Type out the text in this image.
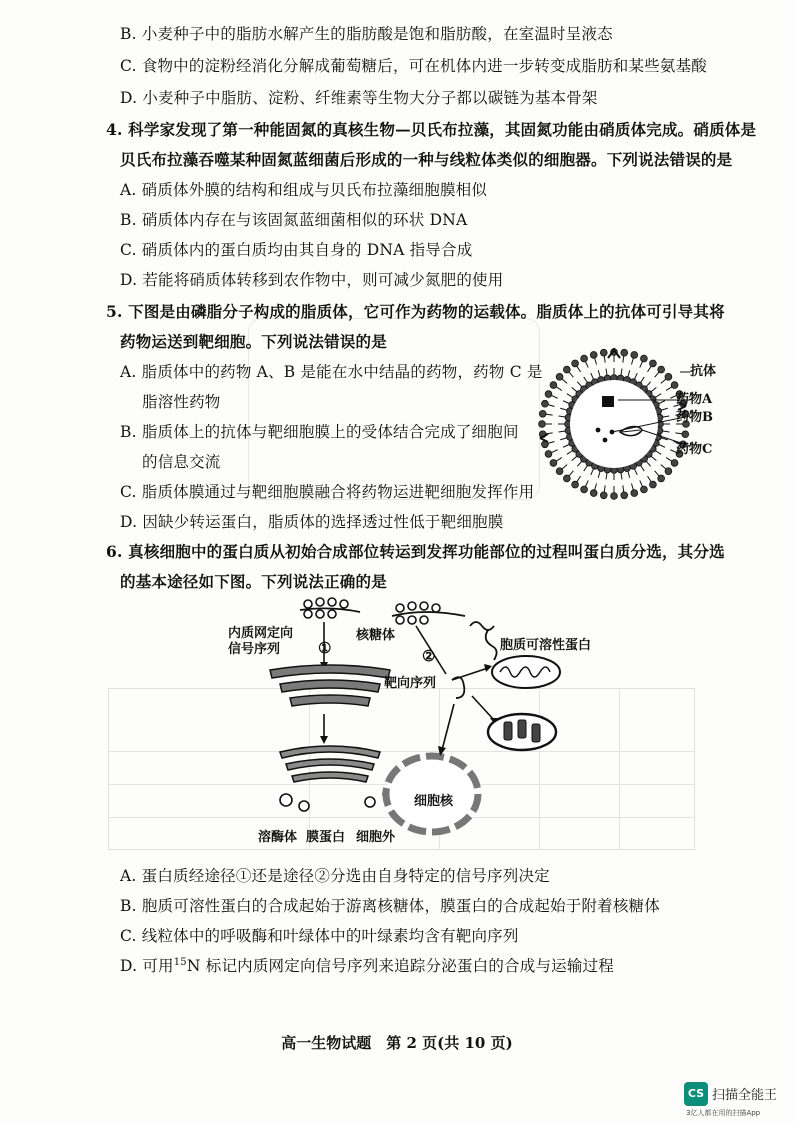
B. 小麦种子中的脂肪水解产生的脂肪酸是饱和脂肪酸，在室温时呈液态
C. 食物中的淀粉经消化分解成葡萄糖后，可在机体内进一步转变成脂肪和某些氨基酸
D. 小麦种子中脂肪、淀粉、纤维素等生物大分子都以碳链为基本骨架
4. 科学家发现了第一种能固氮的真核生物—贝氏布拉藻，其固氮功能由硝质体完成。硝质体是
贝氏布拉藻吞噬某种固氮蓝细菌后形成的一种与线粒体类似的细胞器。下列说法错误的是
A. 硝质体外膜的结构和组成与贝氏布拉藻细胞膜相似
B. 硝质体内存在与该固氮蓝细菌相似的环状 DNA
C. 硝质体内的蛋白质均由其自身的 DNA 指导合成
D. 若能将硝质体转移到农作物中，则可减少氮肥的使用
5. 下图是由磷脂分子构成的脂质体，它可作为药物的运载体。脂质体上的抗体可引导其将
药物运送到靶细胞。下列说法错误的是
A. 脂质体中的药物 A、B 是能在水中结晶的药物，药物 C 是
脂溶性药物
B. 脂质体上的抗体与靶细胞膜上的受体结合完成了细胞间
的信息交流
C. 脂质体膜通过与靶细胞膜融合将药物运进靶细胞发挥作用
D. 因缺少转运蛋白，脂质体的选择透过性低于靶细胞膜
抗体
药物A
药物B
药物C
6. 真核细胞中的蛋白质从初始合成部位转运到发挥功能部位的过程叫蛋白质分选，其分选
的基本途径如下图。下列说法正确的是
内质网定向
信号序列	①	②
核糖体
胞质可溶性蛋白
靶向序列
细胞核
溶酶体 膜蛋白 细胞外
A. 蛋白质经途径①还是途径②分选由自身特定的信号序列决定
B. 胞质可溶性蛋白的合成起始于游离核糖体，膜蛋白的合成起始于附着核糖体
C. 线粒体中的呼吸酶和叶绿体中的叶绿素均含有靶向序列
D. 可用$^{15}$N 标记内质网定向信号序列来追踪分泌蛋白的合成与运输过程
高一生物试题　第 2 页(共 10 页)
CS 扫描全能王
3亿人都在用的扫描App
